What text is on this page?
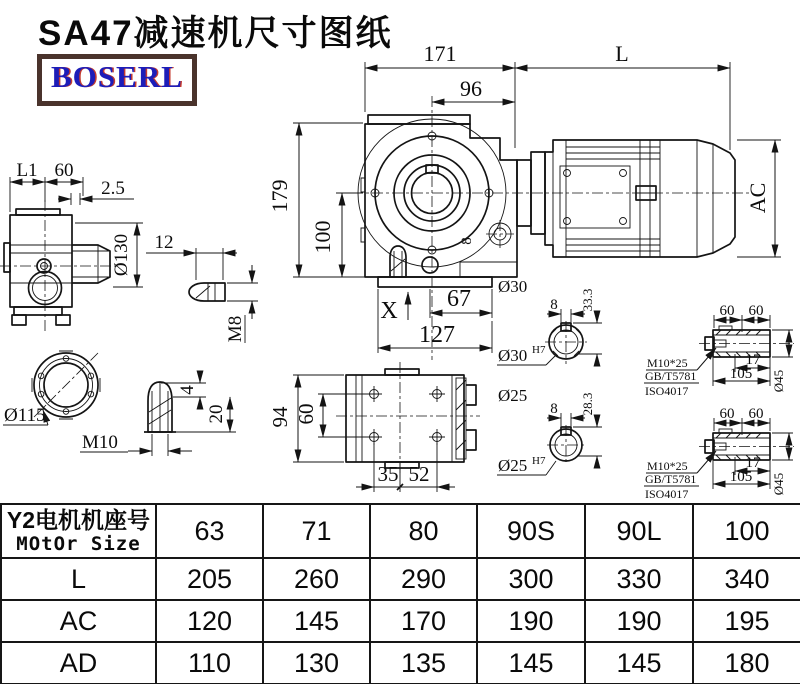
L1 60
2.5
Ø130
Ø115
4
20
M10
12
M8
8
171	L
96
AC
179
100
X 67
127
Ø30
94 60
35 52
8 33.3
Ø30 H7
Ø25
8 28.3
Ø25 H7
60 60
17
105 Ø45
M10*25
GB/T5781
ISO4017
SA47减速机尺寸图纸
BOSERL
Y2电机机座号
MOtOr Size	63	71	80	90S	90L	100
L	205	260	290	300	330	340
AC	120	145	170	190	190	195
AD	110	130	135	145	145	180
